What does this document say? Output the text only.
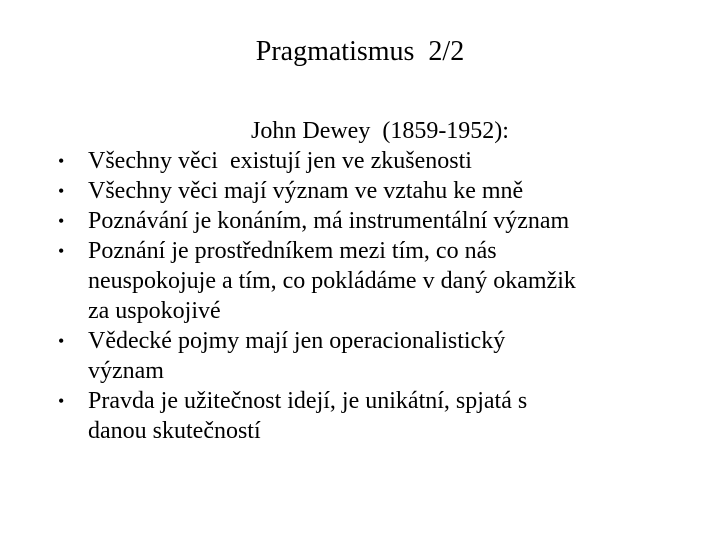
Pragmatismus  2/2
John Dewey  (1859-1952):
• Všechny věci  existují jen ve zkušenosti
• Všechny věci mají význam ve vztahu ke mně
• Poznávání je konáním, má instrumentální význam
• Poznání je prostředníkem mezi tím, co nás
neuspokojuje a tím, co pokládáme v daný okamžik
za uspokojivé
• Vědecké pojmy mají jen operacionalistický
význam
• Pravda je užitečnost idejí, je unikátní, spjatá s
danou skutečností
